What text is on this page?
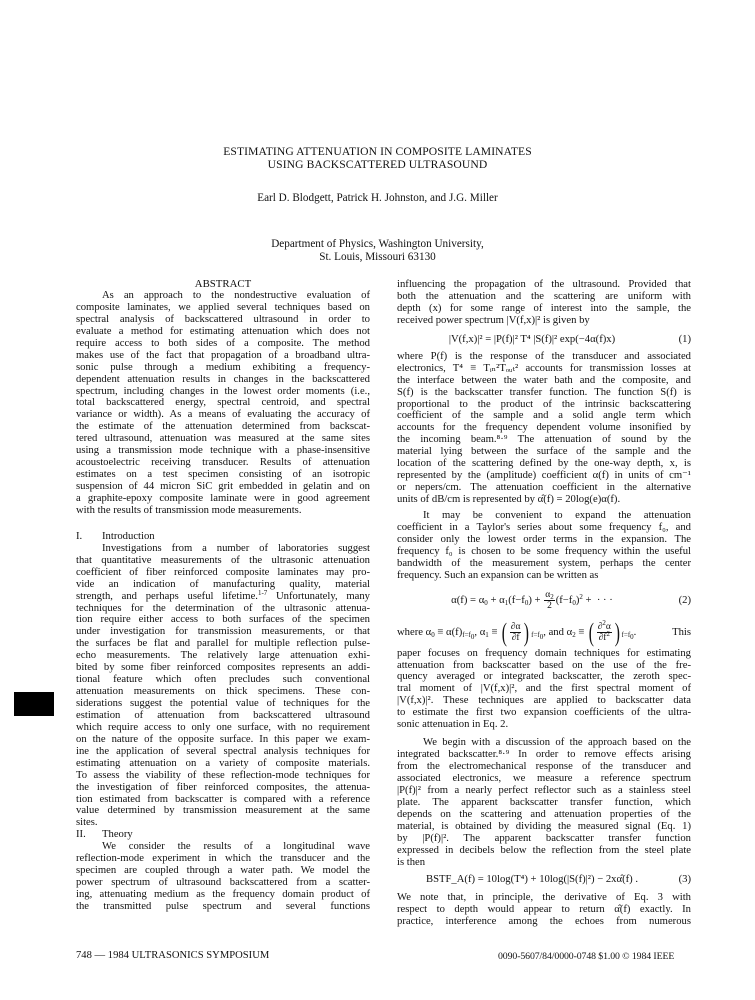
ESTIMATING ATTENUATION IN COMPOSITE LAMINATES
USING BACKSCATTERED ULTRASOUND
Earl D. Blodgett, Patrick H. Johnston, and J.G. Miller
Department of Physics, Washington University,
St. Louis, Missouri 63130
ABSTRACT
As an approach to the nondestructive evaluation of
composite laminates, we applied several techniques based on
spectral analysis of backscattered ultrasound in order to
evaluate a method for estimating attenuation which does not
require access to both sides of a composite. The method
makes use of the fact that propagation of a broadband ultra-
sonic pulse through a medium exhibiting a frequency-
dependent attenuation results in changes in the backscattered
spectrum, including changes in the lowest order moments (i.e.,
total backscattered energy, spectral centroid, and spectral
variance or width). As a means of evaluating the accuracy of
the estimate of the attenuation determined from backscat-
tered ultrasound, attenuation was measured at the same sites
using a transmission mode technique with a phase-insensitive
acoustoelectric receiving transducer. Results of attenuation
estimates on a test specimen consisting of an isotropic
suspension of 44 micron SiC grit embedded in gelatin and on
a graphite-epoxy composite laminate were in good agreement
with the results of transmission mode measurements.
I. Introduction
Investigations from a number of laboratories suggest
that quantitative measurements of the ultrasonic attenuation
coefficient of fiber reinforced composite laminates may pro-
vide an indication of manufacturing quality, material
strength, and perhaps useful lifetime.$^{1-7}$ Unfortunately, many
techniques for the determination of the ultrasonic attenua-
tion require either access to both surfaces of the specimen
under investigation for transmission measurements, or that
the surfaces be flat and parallel for multiple reflection pulse-
echo measurements. The relatively large attenuation exhi-
bited by some fiber reinforced composites represents an addi-
tional feature which often precludes such conventional
attenuation measurements on thick specimens. These con-
siderations suggest the potential value of techniques for the
estimation of attenuation from backscattered ultrasound
which require access to only one surface, with no requirement
on the nature of the opposite surface. In this paper we exam-
ine the application of several spectral analysis techniques for
estimating attenuation on a variety of composite materials.
To assess the viability of these reflection-mode techniques for
the investigation of fiber reinforced composites, the attenua-
tion estimated from backscatter is compared with a reference
value determined by transmission measurement at the same
sites.
II. Theory
We consider the results of a longitudinal wave
reflection-mode experiment in which the transducer and the
specimen are coupled through a water path. We model the
power spectrum of ultrasound backscattered from a scatter-
ing, attenuating medium as the frequency domain product of
the transmitted pulse spectrum and several functions
influencing the propagation of the ultrasound. Provided that
both the attenuation and the scattering are uniform with
depth (x) for some range of interest into the sample, the
received power spectrum |V(f,x)|² is given by
|V(f,x)|² = |P(f)|² T⁴ |S(f)|² exp(−4α(f)x)	(1)
where P(f) is the response of the transducer and associated
electronics, T⁴ ≡ Tᵢₙ²Tₒᵤₜ² accounts for transmission losses at
the interface between the water bath and the composite, and
S(f) is the backscatter transfer function. The function S(f) is
proportional to the product of the intrinsic backscattering
coefficient of the sample and a solid angle term which
accounts for the frequency dependent volume insonified by
the incoming beam.⁸·⁹ The attenuation of sound by the
material lying between the surface of the sample and the
location of the scattering defined by the one-way depth, x, is
represented by the (amplitude) coefficient α(f) in units of cm⁻¹
or nepers/cm. The attenuation coefficient in the alternative
units of dB/cm is represented by α̂(f) = 20log(e)α(f).
It may be convenient to expand the attenuation
coefficient in a Taylor's series about some frequency f₀, and
consider only the lowest order terms in the expansion. The
frequency f₀ is chosen to be some frequency within the useful
bandwidth of the measurement system, perhaps the center
frequency. Such an expansion can be written as
$\alpha(f) = \alpha_0 + \alpha_1(f-f_0) + \frac{\alpha_2}{2} (f-f_0)^2$ +  · · ·	(2)
where $\alpha_0 \equiv \alpha(f)_{f=f_0}$, $\alpha_1$ ≡ ( $\frac{\partial\alpha}{\partial f}$ ) $_{f=f_0}$, and $\alpha_2$ ≡ ( $\frac{\partial^2\alpha}{\partial f^2}$ ) $_{f=f_0}$.	This
paper focuses on frequency domain techniques for estimating
attenuation from backscatter based on the use of the fre-
quency averaged or integrated backscatter, the zeroth spec-
tral moment of |V(f,x)|², and the first spectral moment of
|V(f,x)|². These techniques are applied to backscatter data
to estimate the first two expansion coefficients of the ultra-
sonic attenuation in Eq. 2.
We begin with a discussion of the approach based on the
integrated backscatter.⁸·⁹ In order to remove effects arising
from the electromechanical response of the transducer and
associated electronics, we measure a reference spectrum
|P(f)|² from a nearly perfect reflector such as a stainless steel
plate. The apparent backscatter transfer function, which
depends on the scattering and attenuation properties of the
material, is obtained by dividing the measured signal (Eq. 1)
by |P(f)|². The apparent backscatter transfer function
expressed in decibels below the reflection from the steel plate
is then
BSTF_A(f) = 10log(T⁴) + 10log(|S(f)|²) − 2xα̂(f) .	(3)
We note that, in principle, the derivative of Eq. 3 with
respect to depth would appear to return α̂(f) exactly. In
practice, interference among the echoes from numerous
748 — 1984 ULTRASONICS SYMPOSIUM	0090-5607/84/0000-0748 $1.00 © 1984 IEEE
